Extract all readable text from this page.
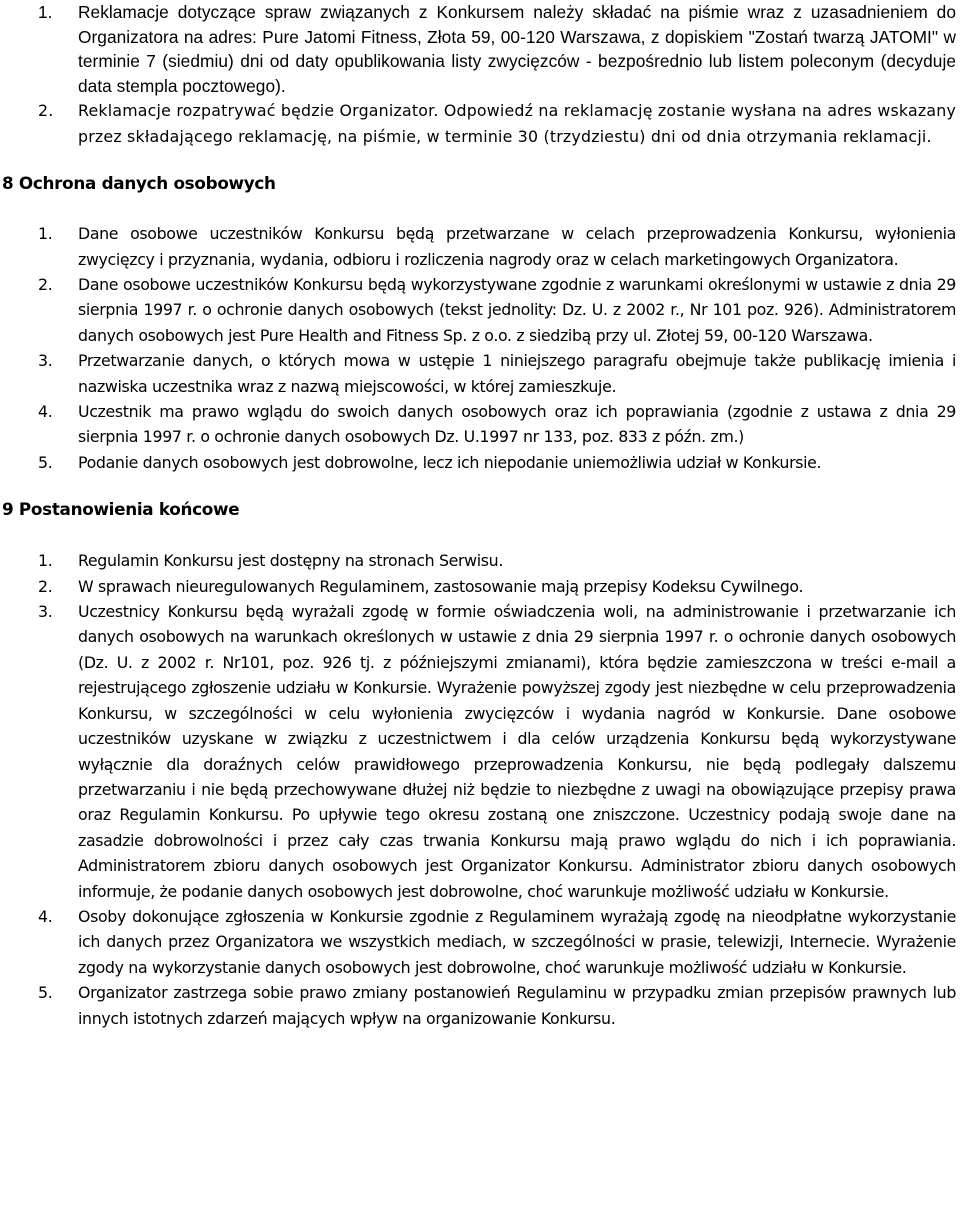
1.	Reklamacje dotyczące spraw związanych z Konkursem należy składać na piśmie wraz z uzasadnieniem do Organizatora na adres: Pure Jatomi Fitness, Złota 59, 00-120 Warszawa, z dopiskiem "Zostań twarzą JATOMI" w terminie 7 (siedmiu) dni od daty opublikowania listy zwycięzców - bezpośrednio lub listem poleconym (decyduje data stempla pocztowego).
2.	Reklamacje rozpatrywać będzie Organizator. Odpowiedź na reklamację zostanie wysłana na adres wskazany przez składającego reklamację, na piśmie, w terminie 30 (trzydziestu) dni od dnia otrzymania reklamacji.
8 Ochrona danych osobowych
1.	Dane osobowe uczestników Konkursu będą przetwarzane w celach przeprowadzenia Konkursu, wyłonienia zwycięzcy i przyznania, wydania, odbioru i rozliczenia nagrody oraz w celach marketingowych Organizatora.
2.	Dane osobowe uczestników Konkursu będą wykorzystywane zgodnie z warunkami określonymi w ustawie z dnia 29 sierpnia 1997 r. o ochronie danych osobowych (tekst jednolity: Dz. U. z 2002 r., Nr 101 poz. 926). Administratorem danych osobowych jest Pure Health and Fitness Sp. z o.o. z siedzibą przy ul. Złotej 59, 00-120 Warszawa.
3.	Przetwarzanie danych, o których mowa w ustępie 1 niniejszego paragrafu obejmuje także publikację imienia i nazwiska uczestnika wraz z nazwą miejscowości, w której zamieszkuje.
4.	Uczestnik ma prawo wglądu do swoich danych osobowych oraz ich poprawiania (zgodnie z ustawa z dnia 29 sierpnia 1997 r. o ochronie danych osobowych Dz. U.1997 nr 133, poz. 833 z późn. zm.)
5.	Podanie danych osobowych jest dobrowolne, lecz ich niepodanie uniemożliwia udział w Konkursie.
9 Postanowienia końcowe
1.	Regulamin Konkursu jest dostępny na stronach Serwisu.
2.	W sprawach nieuregulowanych Regulaminem, zastosowanie mają przepisy Kodeksu Cywilnego.
3.	Uczestnicy Konkursu będą wyrażali zgodę w formie oświadczenia woli, na administrowanie i przetwarzanie ich danych osobowych na warunkach określonych w ustawie z dnia 29 sierpnia 1997 r. o ochronie danych osobowych (Dz. U. z 2002 r. Nr101, poz. 926 tj. z późniejszymi zmianami), która będzie zamieszczona w treści e-mail a rejestrującego zgłoszenie udziału w Konkursie. Wyrażenie powyższej zgody jest niezbędne w celu przeprowadzenia Konkursu, w szczególności w celu wyłonienia zwycięzców i wydania nagród w Konkursie. Dane osobowe uczestników uzyskane w związku z uczestnictwem i dla celów urządzenia Konkursu będą wykorzystywane wyłącznie dla doraźnych celów prawidłowego przeprowadzenia Konkursu, nie będą podlegały dalszemu przetwarzaniu i nie będą przechowywane dłużej niż będzie to niezbędne z uwagi na obowiązujące przepisy prawa oraz Regulamin Konkursu. Po upływie tego okresu zostaną one zniszczone. Uczestnicy podają swoje dane na zasadzie dobrowolności i przez cały czas trwania Konkursu mają prawo wglądu do nich i ich poprawiania. Administratorem zbioru danych osobowych jest Organizator Konkursu. Administrator zbioru danych osobowych informuje, że podanie danych osobowych jest dobrowolne, choć warunkuje możliwość udziału w Konkursie.
4.	Osoby dokonujące zgłoszenia w Konkursie zgodnie z Regulaminem wyrażają zgodę na nieodpłatne wykorzystanie ich danych przez Organizatora we wszystkich mediach, w szczególności w prasie, telewizji, Internecie. Wyrażenie zgody na wykorzystanie danych osobowych jest dobrowolne, choć warunkuje możliwość udziału w Konkursie.
5.	Organizator zastrzega sobie prawo zmiany postanowień Regulaminu w przypadku zmian przepisów prawnych lub innych istotnych zdarzeń mających wpływ na organizowanie Konkursu.
